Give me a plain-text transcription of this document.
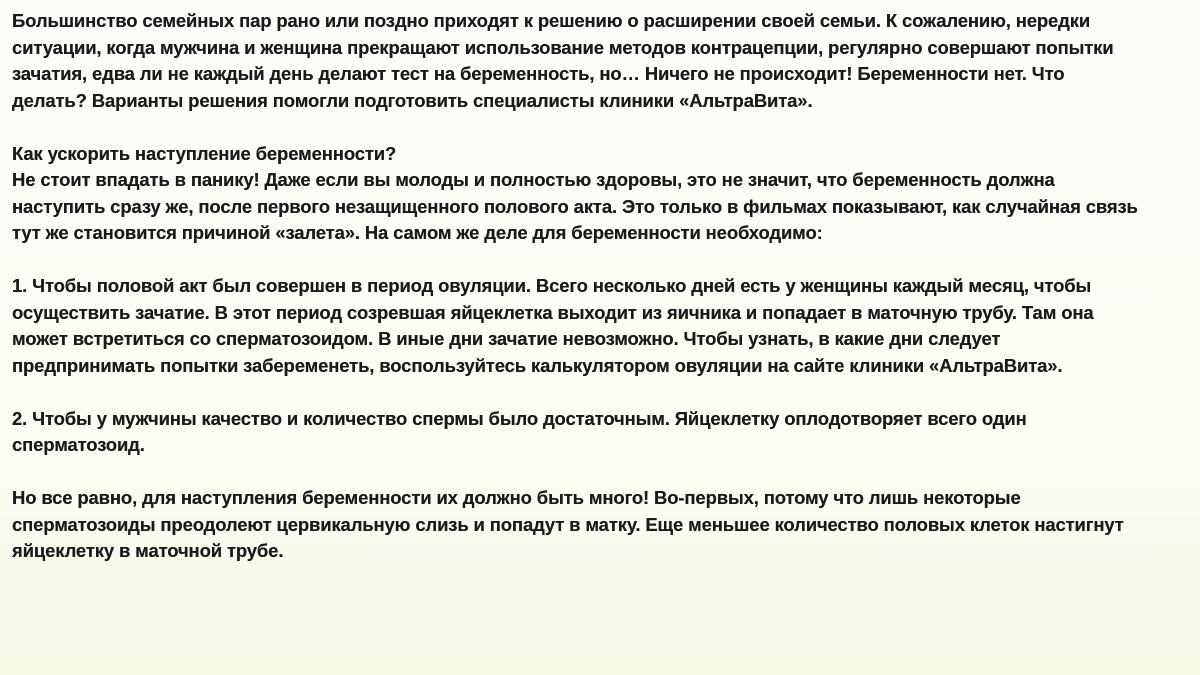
Большинство семейных пар рано или поздно приходят к решению о расширении своей семьи. К сожалению, нередки
ситуации, когда мужчина и женщина прекращают использование методов контрацепции, регулярно совершают попытки
зачатия, едва ли не каждый день делают тест на беременность, но… Ничего не происходит! Беременности нет. Что
делать? Варианты решения помогли подготовить специалисты клиники «АльтраВита».

Как ускорить наступление беременности?
Не стоит впадать в панику! Даже если вы молоды и полностью здоровы, это не значит, что беременность должна
наступить сразу же, после первого незащищенного полового акта. Это только в фильмах показывают, как случайная связь
тут же становится причиной «залета». На самом же деле для беременности необходимо:

1. Чтобы половой акт был совершен в период овуляции. Всего несколько дней есть у женщины каждый месяц, чтобы
осуществить зачатие. В этот период созревшая яйцеклетка выходит из яичника и попадает в маточную трубу. Там она
может встретиться со сперматозоидом. В иные дни зачатие невозможно. Чтобы узнать, в какие дни следует
предпринимать попытки забеременеть, воспользуйтесь калькулятором овуляции на сайте клиники «АльтраВита».

2. Чтобы у мужчины качество и количество спермы было достаточным. Яйцеклетку оплодотворяет всего один
сперматозоид.

Но все равно, для наступления беременности их должно быть много! Во-первых, потому что лишь некоторые
сперматозоиды преодолеют цервикальную слизь и попадут в матку. Еще меньшее количество половых клеток настигнут
яйцеклетку в маточной трубе.
